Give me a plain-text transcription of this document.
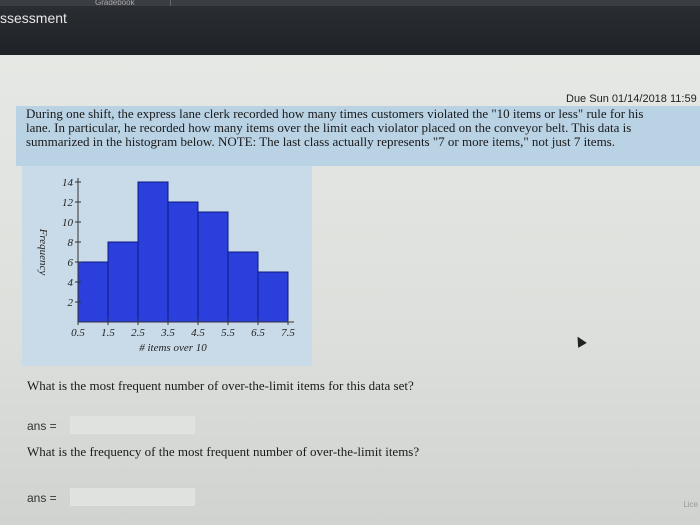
Gradebook
ssessment
Due Sun 01/14/2018 11:59
During one shift, the express lane clerk recorded how many times customers violated the "10 items or less" rule for his
lane. In particular, he recorded how many items over the limit each violator placed on the conveyor belt. This data is
summarized in the histogram below. NOTE: The last class actually represents "7 or more items," not just 7 items.
2
4
6
8
10
12
14
0.5 1.5 2.5 3.5 4.5 5.5 6.5 7.5
# items over 10
Frequency
What is the most frequent number of over-the-limit items for this data set?
ans =
What is the frequency of the most frequent number of over-the-limit items?
ans =	Lice
